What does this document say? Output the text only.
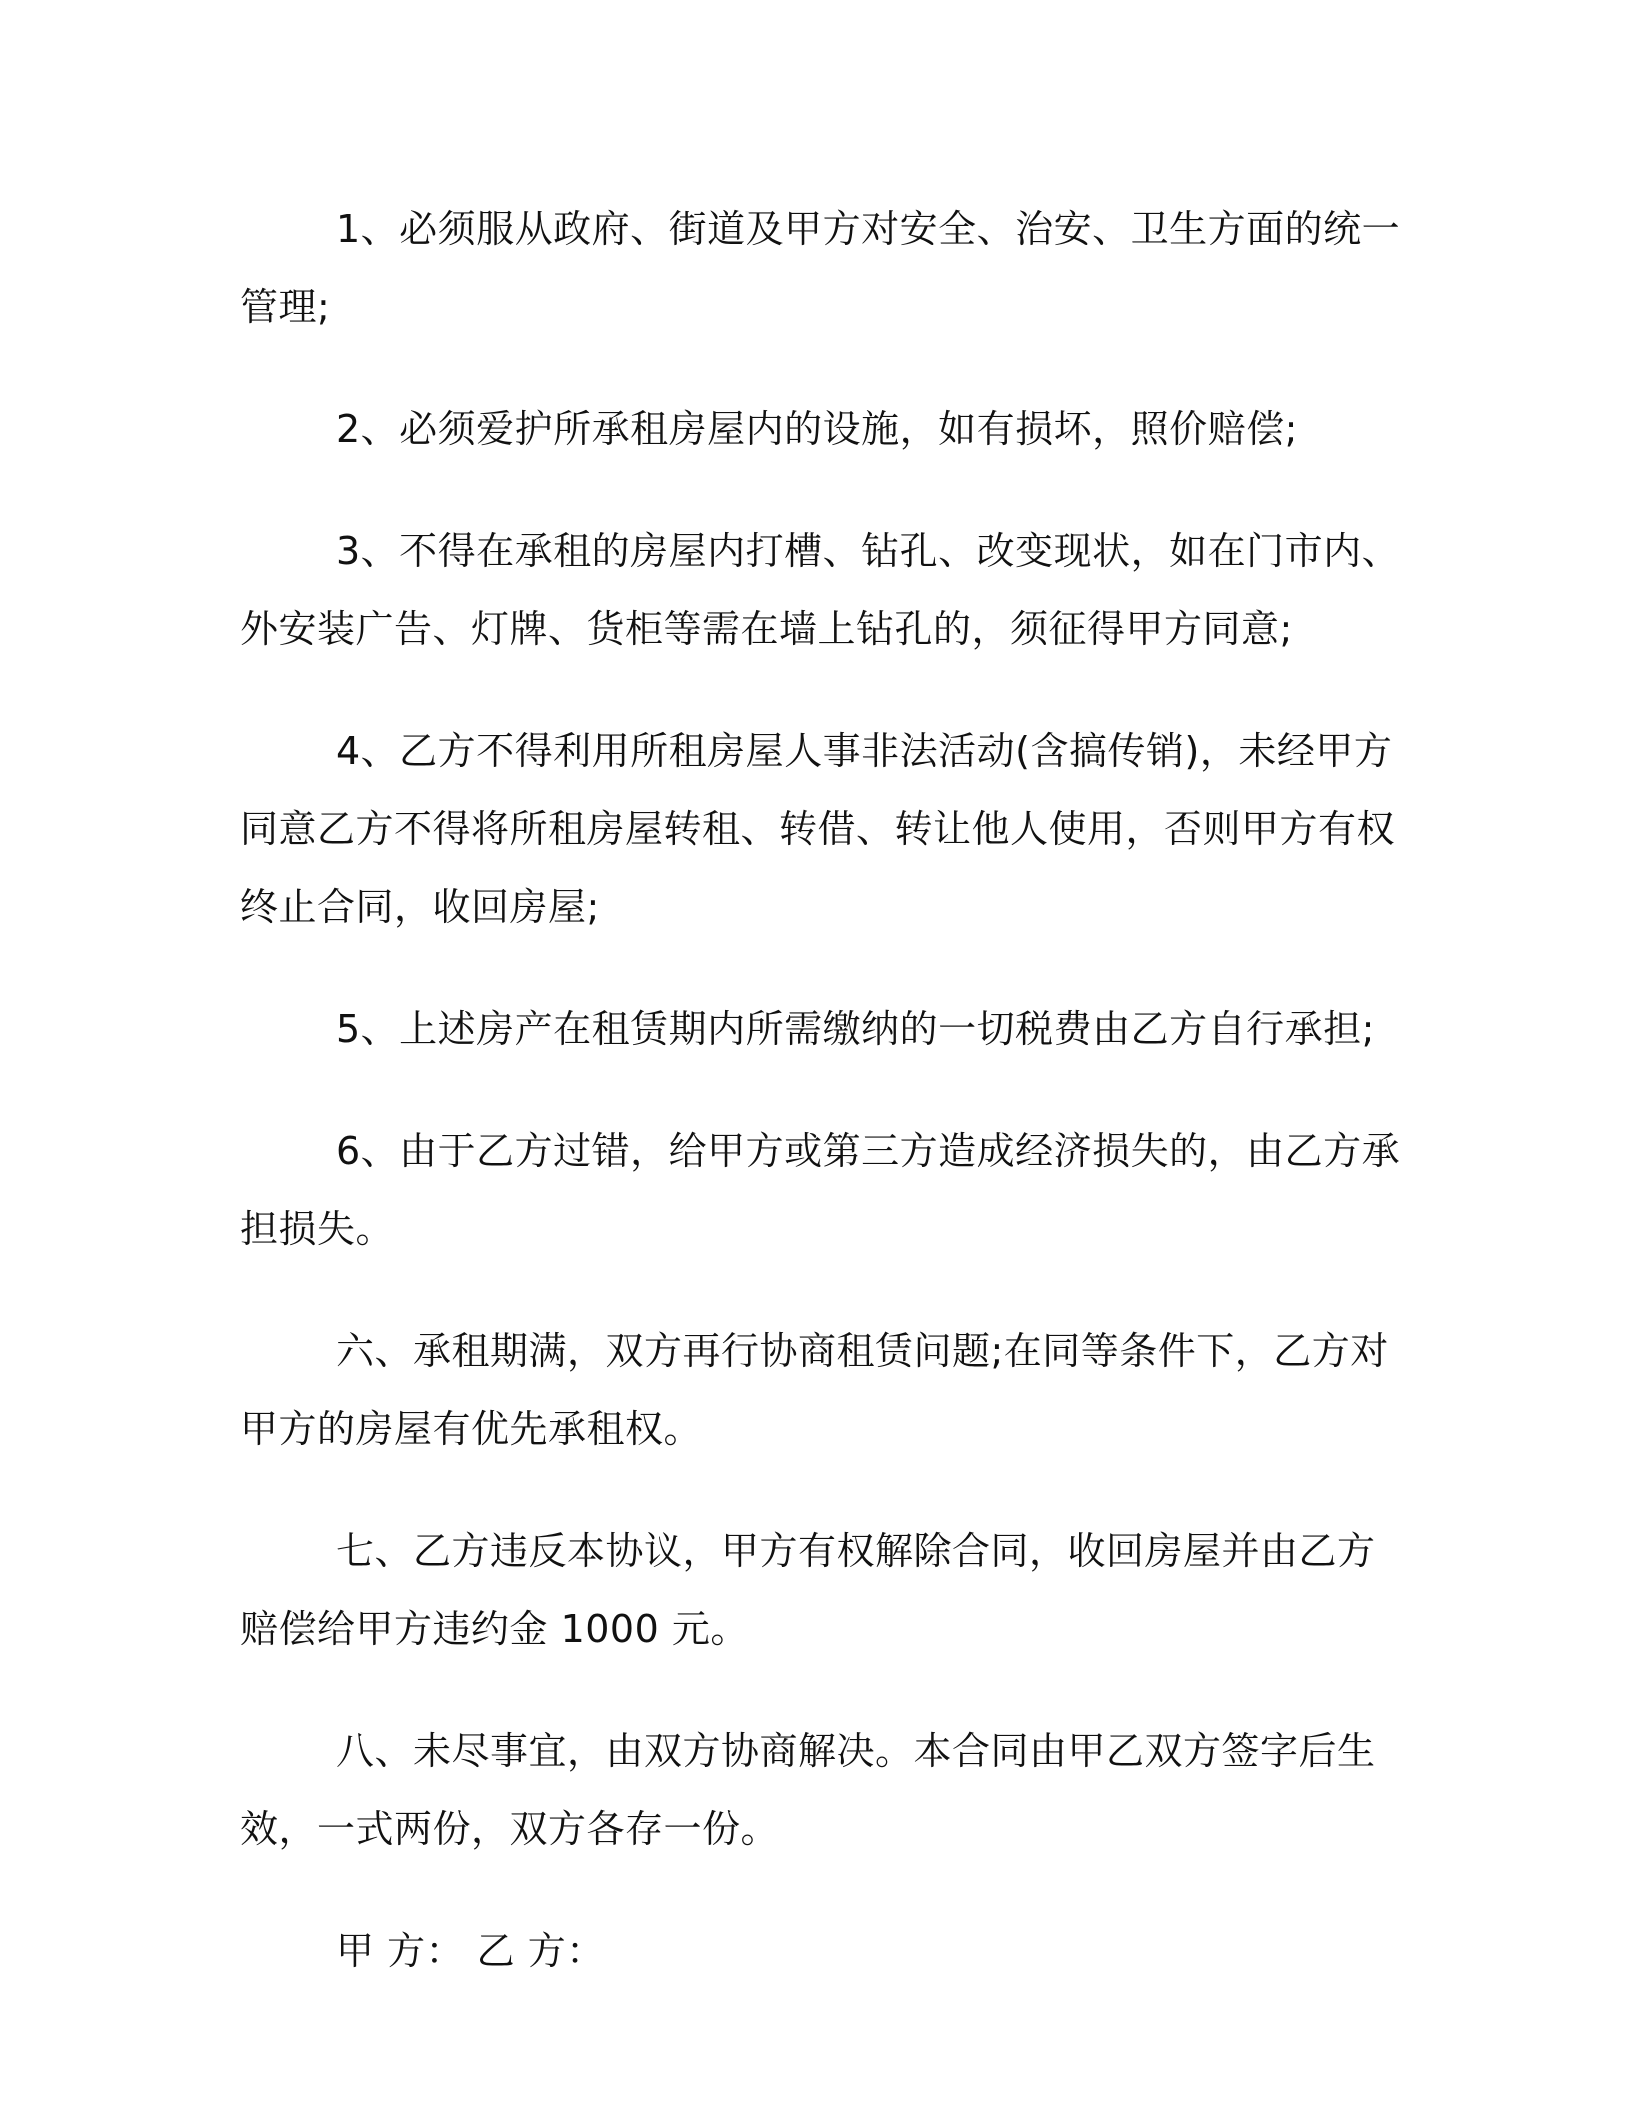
1、必须服从政府、街道及甲方对安全、治安、卫生方面的统一管理;

2、必须爱护所承租房屋内的设施，如有损坏，照价赔偿;

3、不得在承租的房屋内打槽、钻孔、改变现状，如在门市内、外安装广告、灯牌、货柜等需在墙上钻孔的，须征得甲方同意;

4、乙方不得利用所租房屋人事非法活动(含搞传销)，未经甲方同意乙方不得将所租房屋转租、转借、转让他人使用，否则甲方有权终止合同，收回房屋;

5、上述房产在租赁期内所需缴纳的一切税费由乙方自行承担;

6、由于乙方过错，给甲方或第三方造成经济损失的，由乙方承担损失。

六、承租期满，双方再行协商租赁问题;在同等条件下，乙方对甲方的房屋有优先承租权。

七、乙方违反本协议，甲方有权解除合同，收回房屋并由乙方赔偿给甲方违约金 1000 元。

八、未尽事宜，由双方协商解决。本合同由甲乙双方签字后生效，一式两份，双方各存一份。

甲 方： 乙 方：
